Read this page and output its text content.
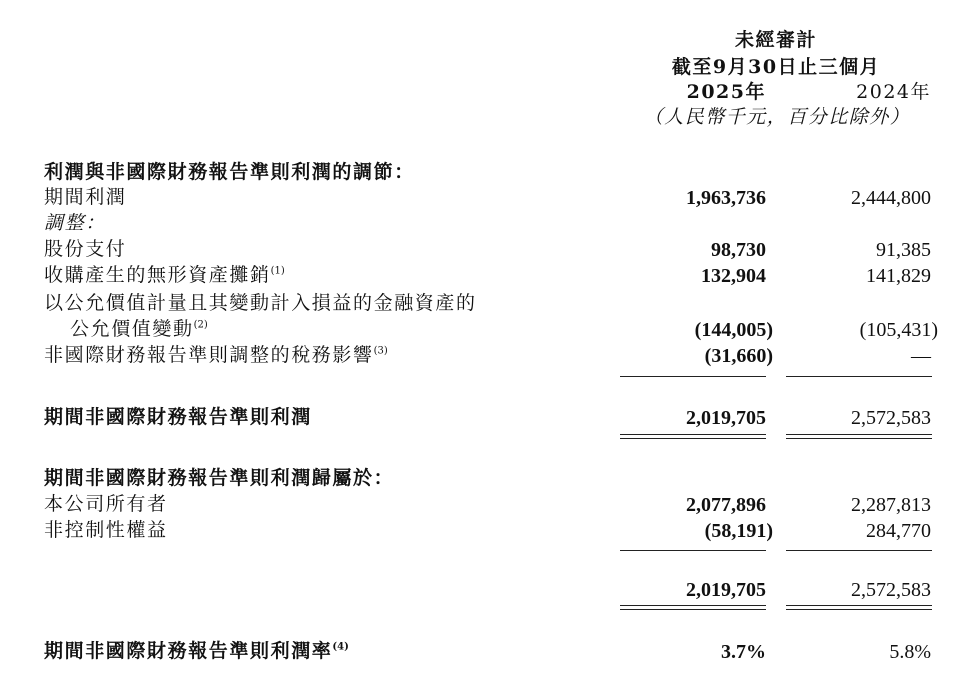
未經審計
截至9月30日止三個月
2025年	2024年
（人民幣千元，百分比除外）
利潤與非國際財務報告準則利潤的調節：
期間利潤	1,963,736	2,444,800
調整：
股份支付	98,730	91,385
收購產生的無形資產攤銷$^{(1)}$	132,904	141,829
以公允價值計量且其變動計入損益的金融資產的
公允價值變動$^{(2)}$	(144,005)	(105,431)
非國際財務報告準則調整的稅務影響$^{(3)}$	(31,660)	—
期間非國際財務報告準則利潤	2,019,705	2,572,583
期間非國際財務報告準則利潤歸屬於：
本公司所有者	2,077,896	2,287,813
非控制性權益	(58,191)	284,770
2,019,705	2,572,583
期間非國際財務報告準則利潤率$^{(4)}$	3.7%	5.8%
